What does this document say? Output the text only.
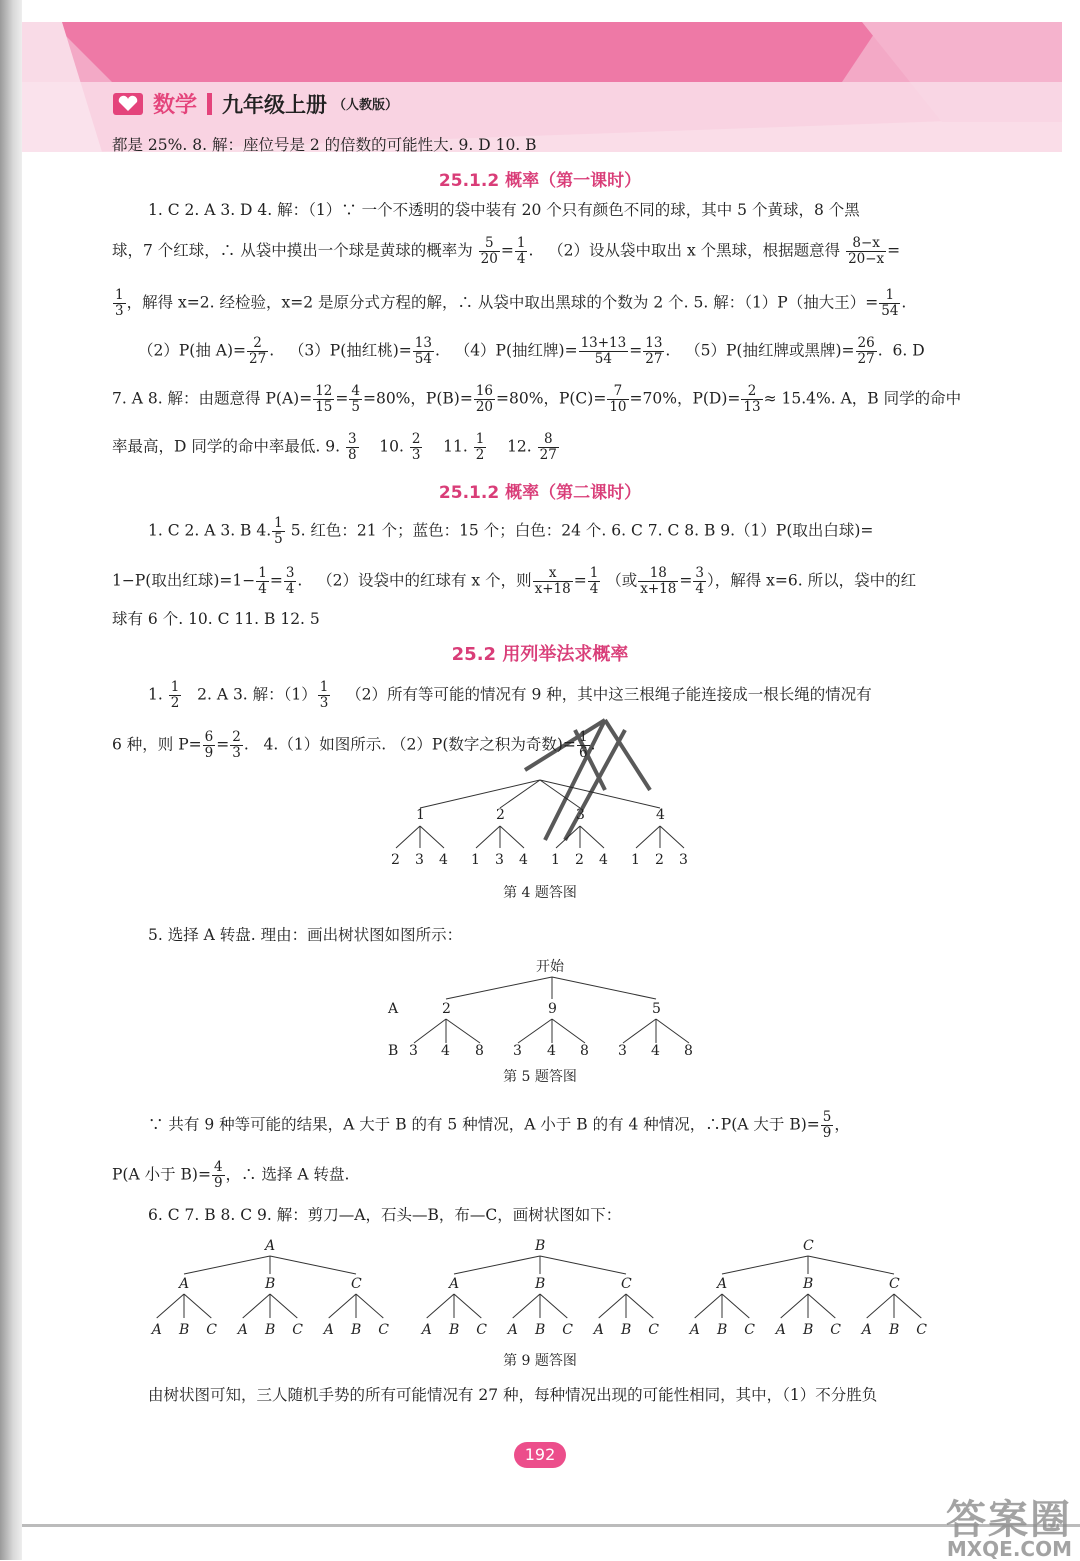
数学 九年级上册 （人教版）
都是 25%. 8. 解：座位号是 2 的倍数的可能性大. 9. D 10. B
25.1.2 概率（第一课时）
1. C 2. A 3. D 4. 解：（1）∵ 一个不透明的袋中装有 20 个只有颜色不同的球，其中 5 个黄球，8 个黑
球，7 个红球，∴ 从袋中摸出一个球是黄球的概率为 $\frac{5}{20} = \frac{1}{4}$ .   （2）设从袋中取出 x 个黑球，根据题意得 $\frac{8-x}{20-x}$ =
$\frac{1}{3}$ ，解得 x=2. 经检验，x=2 是原分式方程的解，∴ 从袋中取出黑球的个数为 2 个. 5. 解：（1）P（抽大王）= $\frac{1}{54}$ .
（2）P(抽 $A)= \frac{2}{27}$ .   （3）P(抽红桃)= $\frac{13}{54}$ .   （4）P(抽红牌)= $\frac{13+13}{54} = \frac{13}{27}$ .   （5）P(抽红牌或黑牌)= $\frac{26}{27}$ .  6. D
7. A 8. 解：由题意得 $P(A)= \frac{12}{15} = \frac{4}{5} =80\%$，$P(B)= \frac{16}{20} =80\%$，$P(C)= \frac{7}{10} =70\%$，$P(D)= \frac{2}{13} \approx 15.4\%$. A，B 同学的命中
率最高，D 同学的命中率最低. 9. $\frac{3}{8} 10$. $\frac{2}{3} 11$. $\frac{1}{2} 12$. $\frac{8}{27}$
25.1.2 概率（第二课时）
1. C 2. A 3. B 4. $\frac{1}{5} 5$. 红色：21 个；蓝色：15 个；白色：24 个. 6. C 7. C 8. B 9.（1）P(取出白球)=
1−P(取出红球)$=1- \frac{1}{4} = \frac{3}{4}$ .   （2）设袋中的红球有 x 个，则 $\frac{x}{x+18} = \frac{1}{4}$ （或 $\frac{18}{x+18} = \frac{3}{4}$ ），解得 x=6. 所以，袋中的红
球有 6 个. 10. C 11. B 12. 5
25.2 用列举法求概率
1. $\frac{1}{2} 2$. A 3. 解：$(1) \frac{1}{3} (2)$所有等可能的情况有 9 种，其中这三根绳子能连接成一根长绳的情况有
6 种，则 $P= \frac{6}{9} = \frac{2}{3}$ .   4.（1）如图所示. （2）P(数字之积为奇数)= $\frac{1}{6}$ .
1	2	3	4
2 3 4 1 3 4 1 2 4 1 2 3
第 4 题答图
5. 选择 A 转盘. 理由：画出树状图如图所示：
开始
A	2	9	5
B 3 4 8 3 4 8 3 4 8
第 5 题答图
∵ 共有 9 种等可能的结果，A 大于 B 的有 5 种情况，A 小于 B 的有 4 种情况，∴P(A 大于 $B)= \frac{5}{9}$ ，
P(A 小于 $B)= \frac{4}{9}$ ，∴ 选择 A 转盘.
6. C 7. B 8. C 9. 解：剪刀—A，石头—B，布—C，画树状图如下：
A
A
A B C
B
A B C
C
A B C
B
A
A B C
B
A B C
C
A B C
C
A
A B C
B
A B C
C
A B C
第 9 题答图
由树状图可知，三人随机手势的所有可能情况有 27 种，每种情况出现的可能性相同，其中，（1）不分胜负
192
答案圈
MXQE.COM
